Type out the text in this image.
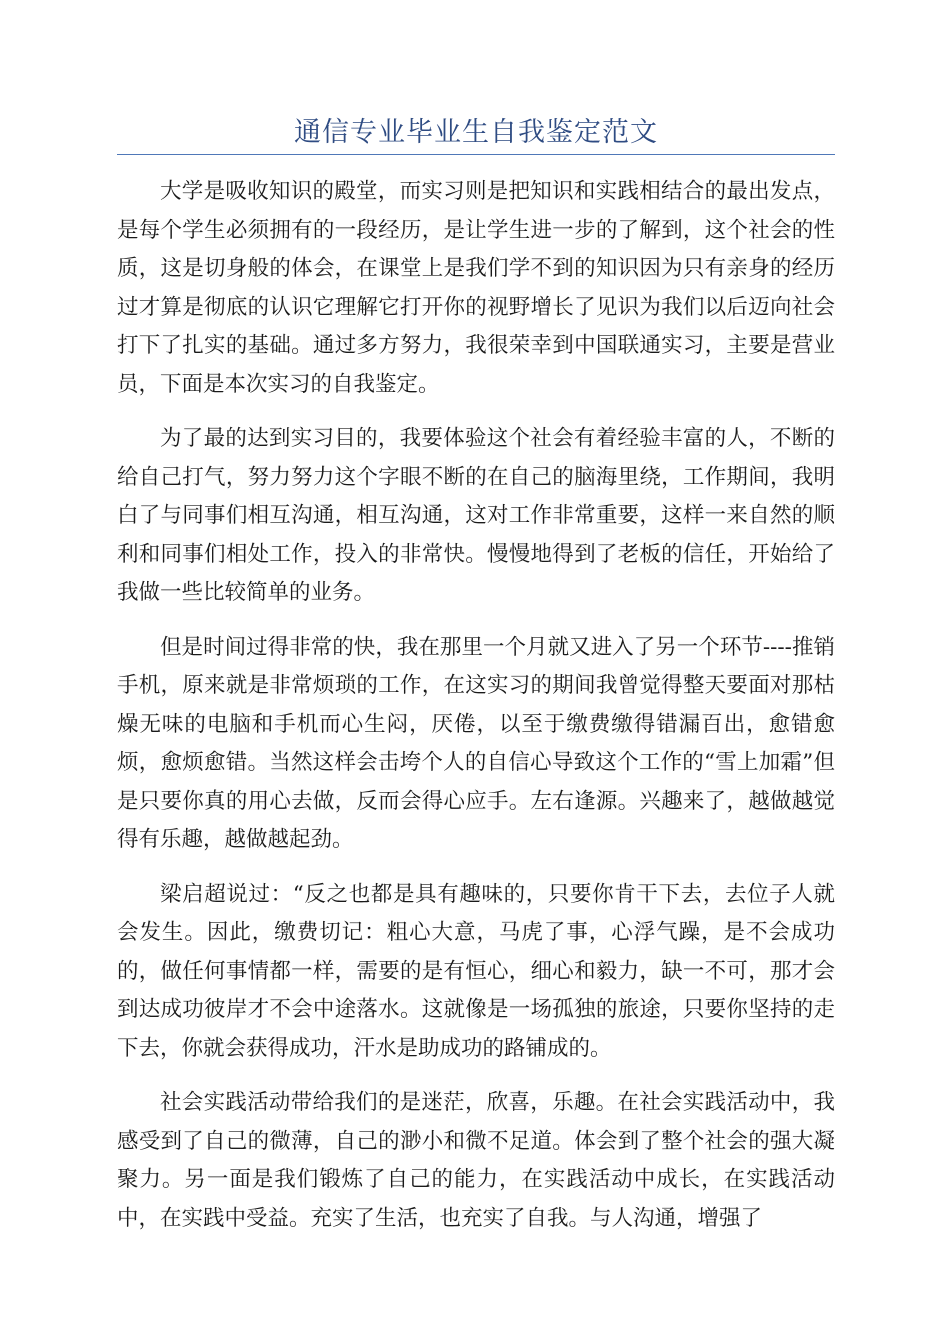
通信专业毕业生自我鉴定范文

大学是吸收知识的殿堂，而实习则是把知识和实践相结合的最出发点，是每个学生必须拥有的一段经历，是让学生进一步的了解到，这个社会的性质，这是切身般的体会，在课堂上是我们学不到的知识因为只有亲身的经历过才算是彻底的认识它理解它打开你的视野增长了见识为我们以后迈向社会打下了扎实的基础。通过多方努力，我很荣幸到中国联通实习，主要是营业员，下面是本次实习的自我鉴定。

为了最的达到实习目的，我要体验这个社会有着经验丰富的人，不断的给自己打气，努力努力这个字眼不断的在自己的脑海里绕，工作期间，我明白了与同事们相互沟通，相互沟通，这对工作非常重要，这样一来自然的顺利和同事们相处工作，投入的非常快。慢慢地得到了老板的信任，开始给了我做一些比较简单的业务。

但是时间过得非常的快，我在那里一个月就又进入了另一个环节----推销手机，原来就是非常烦琐的工作，在这实习的期间我曾觉得整天要面对那枯燥无味的电脑和手机而心生闷，厌倦，以至于缴费缴得错漏百出，愈错愈烦，愈烦愈错。当然这样会击垮个人的自信心导致这个工作的“雪上加霜”但是只要你真的用心去做，反而会得心应手。左右逢源。兴趣来了，越做越觉得有乐趣，越做越起劲。

梁启超说过：“反之也都是具有趣味的，只要你肯干下去，去位子人就会发生。因此，缴费切记：粗心大意，马虎了事，心浮气躁，是不会成功的，做任何事情都一样，需要的是有恒心，细心和毅力，缺一不可，那才会到达成功彼岸才不会中途落水。这就像是一场孤独的旅途，只要你坚持的走下去，你就会获得成功，汗水是助成功的路铺成的。

社会实践活动带给我们的是迷茫，欣喜，乐趣。在社会实践活动中，我感受到了自己的微薄，自己的渺小和微不足道。体会到了整个社会的强大凝聚力。另一面是我们锻炼了自己的能力，在实践活动中成长，在实践活动中，在实践中受益。充实了生活，也充实了自我。与人沟通，增强了
